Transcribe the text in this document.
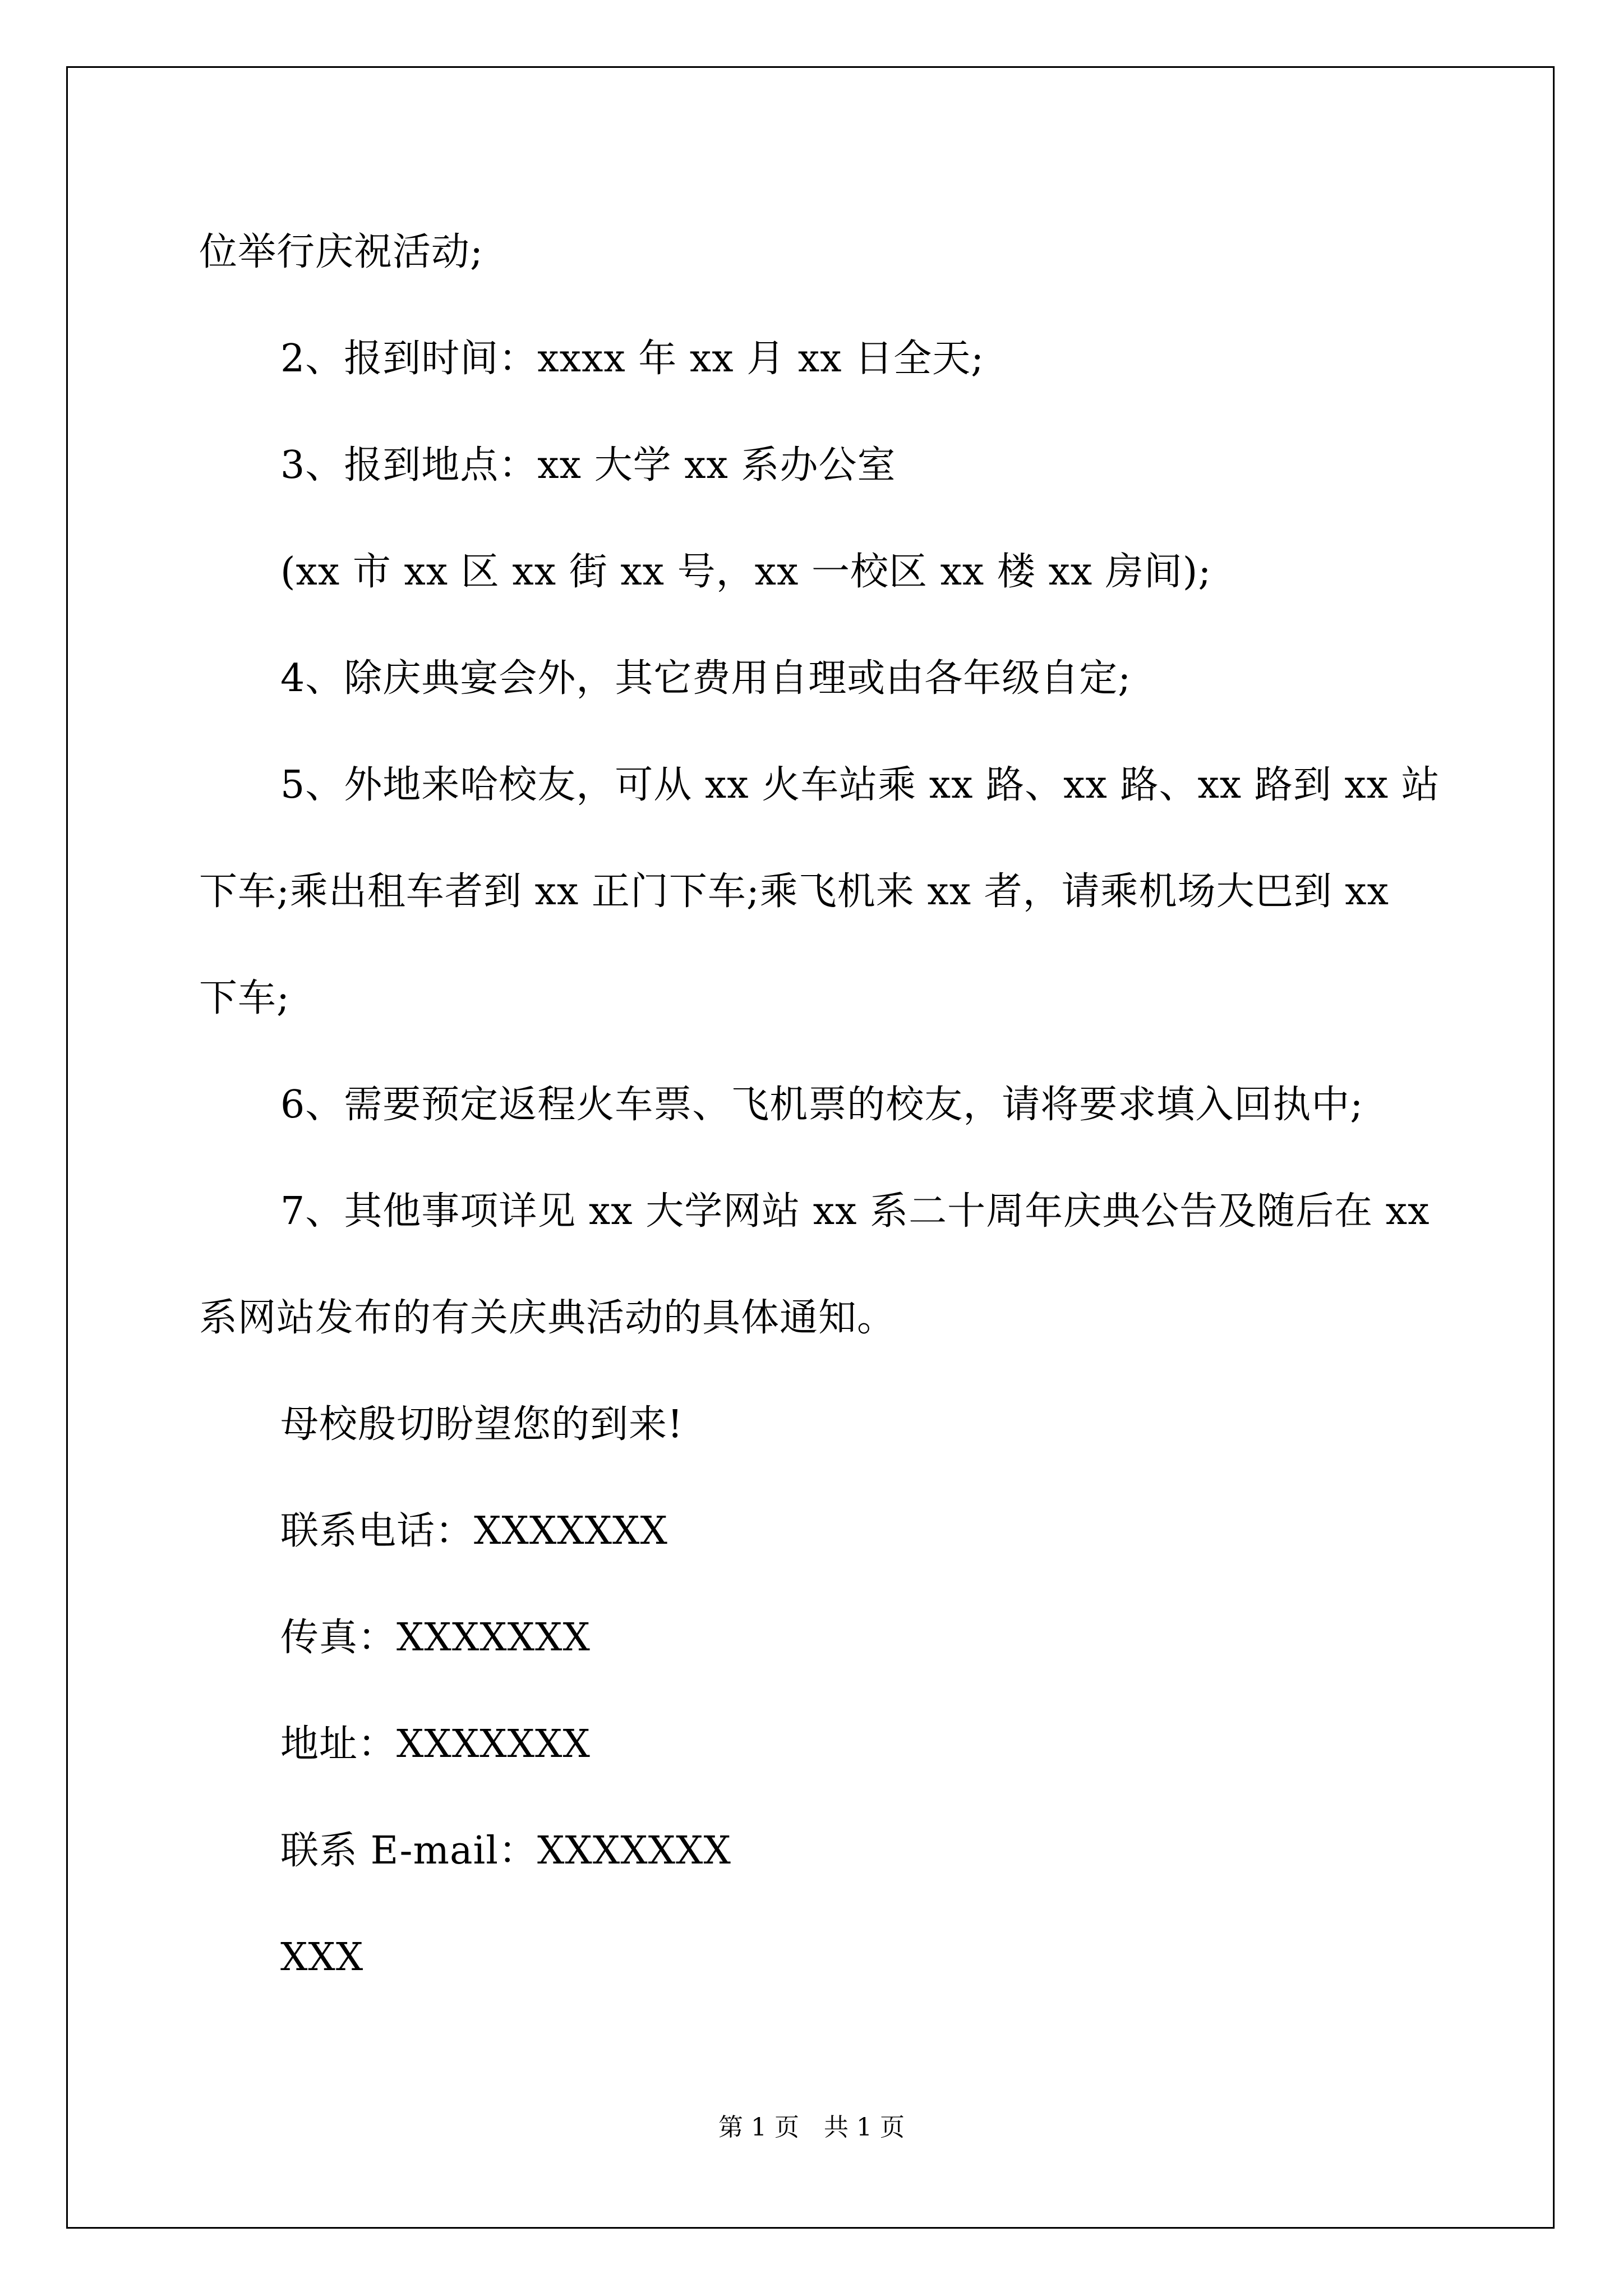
位举行庆祝活动;
2、报到时间：xxxx 年 xx 月 xx 日全天;
3、报到地点：xx 大学 xx 系办公室
(xx 市 xx 区 xx 街 xx 号，xx 一校区 xx 楼 xx 房间);
4、除庆典宴会外，其它费用自理或由各年级自定;
5、外地来哈校友，可从 xx 火车站乘 xx 路、xx 路、xx 路到 xx 站
下车;乘出租车者到 xx 正门下车;乘飞机来 xx 者，请乘机场大巴到 xx
下车;
6、需要预定返程火车票、飞机票的校友，请将要求填入回执中;
7、其他事项详见 xx 大学网站 xx 系二十周年庆典公告及随后在 xx
系网站发布的有关庆典活动的具体通知。
母校殷切盼望您的到来!
联系电话：XXXXXXX
传真：XXXXXXX
地址：XXXXXXX
联系 E-mail：XXXXXXX
XXX
第 1 页 共 1 页
